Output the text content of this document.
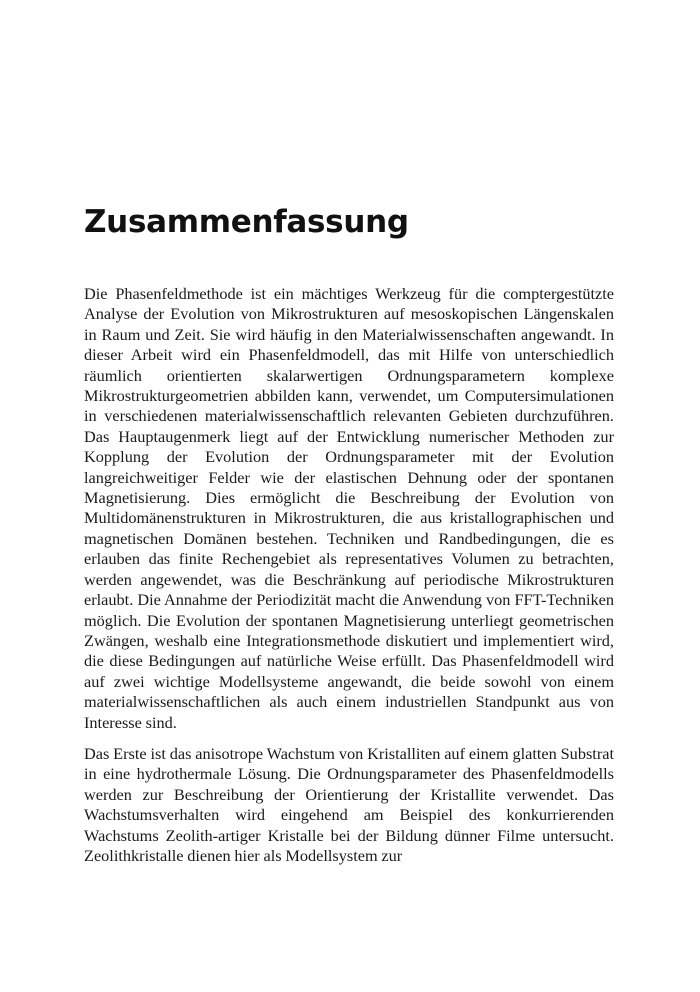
Zusammenfassung

Die Phasenfeldmethode ist ein mächtiges Werkzeug für die comptergestützte Analyse der Evolution von Mikrostrukturen auf mesoskopischen Längenskalen in Raum und Zeit. Sie wird häufig in den Materialwissenschaften angewandt. In dieser Arbeit wird ein Phasenfeldmodell, das mit Hilfe von unterschiedlich räumlich orientierten skalarwertigen Ordnungsparametern komplexe Mikrostrukturgeometrien abbilden kann, verwendet, um Computersimulationen in verschiedenen materialwissenschaftlich relevanten Gebieten durchzuführen. Das Hauptaugenmerk liegt auf der Entwicklung numerischer Methoden zur Kopplung der Evolution der Ordnungsparameter mit der Evolution langreichweitiger Felder wie der elastischen Dehnung oder der spontanen Magnetisierung. Dies ermöglicht die Beschreibung der Evolution von Multidomänenstrukturen in Mikrostrukturen, die aus kristallographischen und magnetischen Domänen bestehen. Techniken und Randbedingungen, die es erlauben das finite Rechengebiet als representatives Volumen zu betrachten, werden angewendet, was die Beschränkung auf periodische Mikrostrukturen erlaubt. Die Annahme der Periodizität macht die Anwendung von FFT-Techniken möglich. Die Evolution der spontanen Magnetisierung unterliegt geometrischen Zwängen, weshalb eine Integrationsmethode diskutiert und implementiert wird, die diese Bedingungen auf natürliche Weise erfüllt. Das Phasenfeldmodell wird auf zwei wichtige Modellsysteme angewandt, die beide sowohl von einem materialwissenschaftlichen als auch einem industriellen Standpunkt aus von Interesse sind.

Das Erste ist das anisotrope Wachstum von Kristalliten auf einem glatten Substrat in eine hydrothermale Lösung. Die Ordnungsparameter des Phasenfeldmodells werden zur Beschreibung der Orientierung der Kristallite verwendet. Das Wachstumsverhalten wird eingehend am Beispiel des konkurrierenden Wachstums Zeolith-artiger Kristalle bei der Bildung dünner Filme untersucht. Zeolithkristalle dienen hier als Modellsystem zur
